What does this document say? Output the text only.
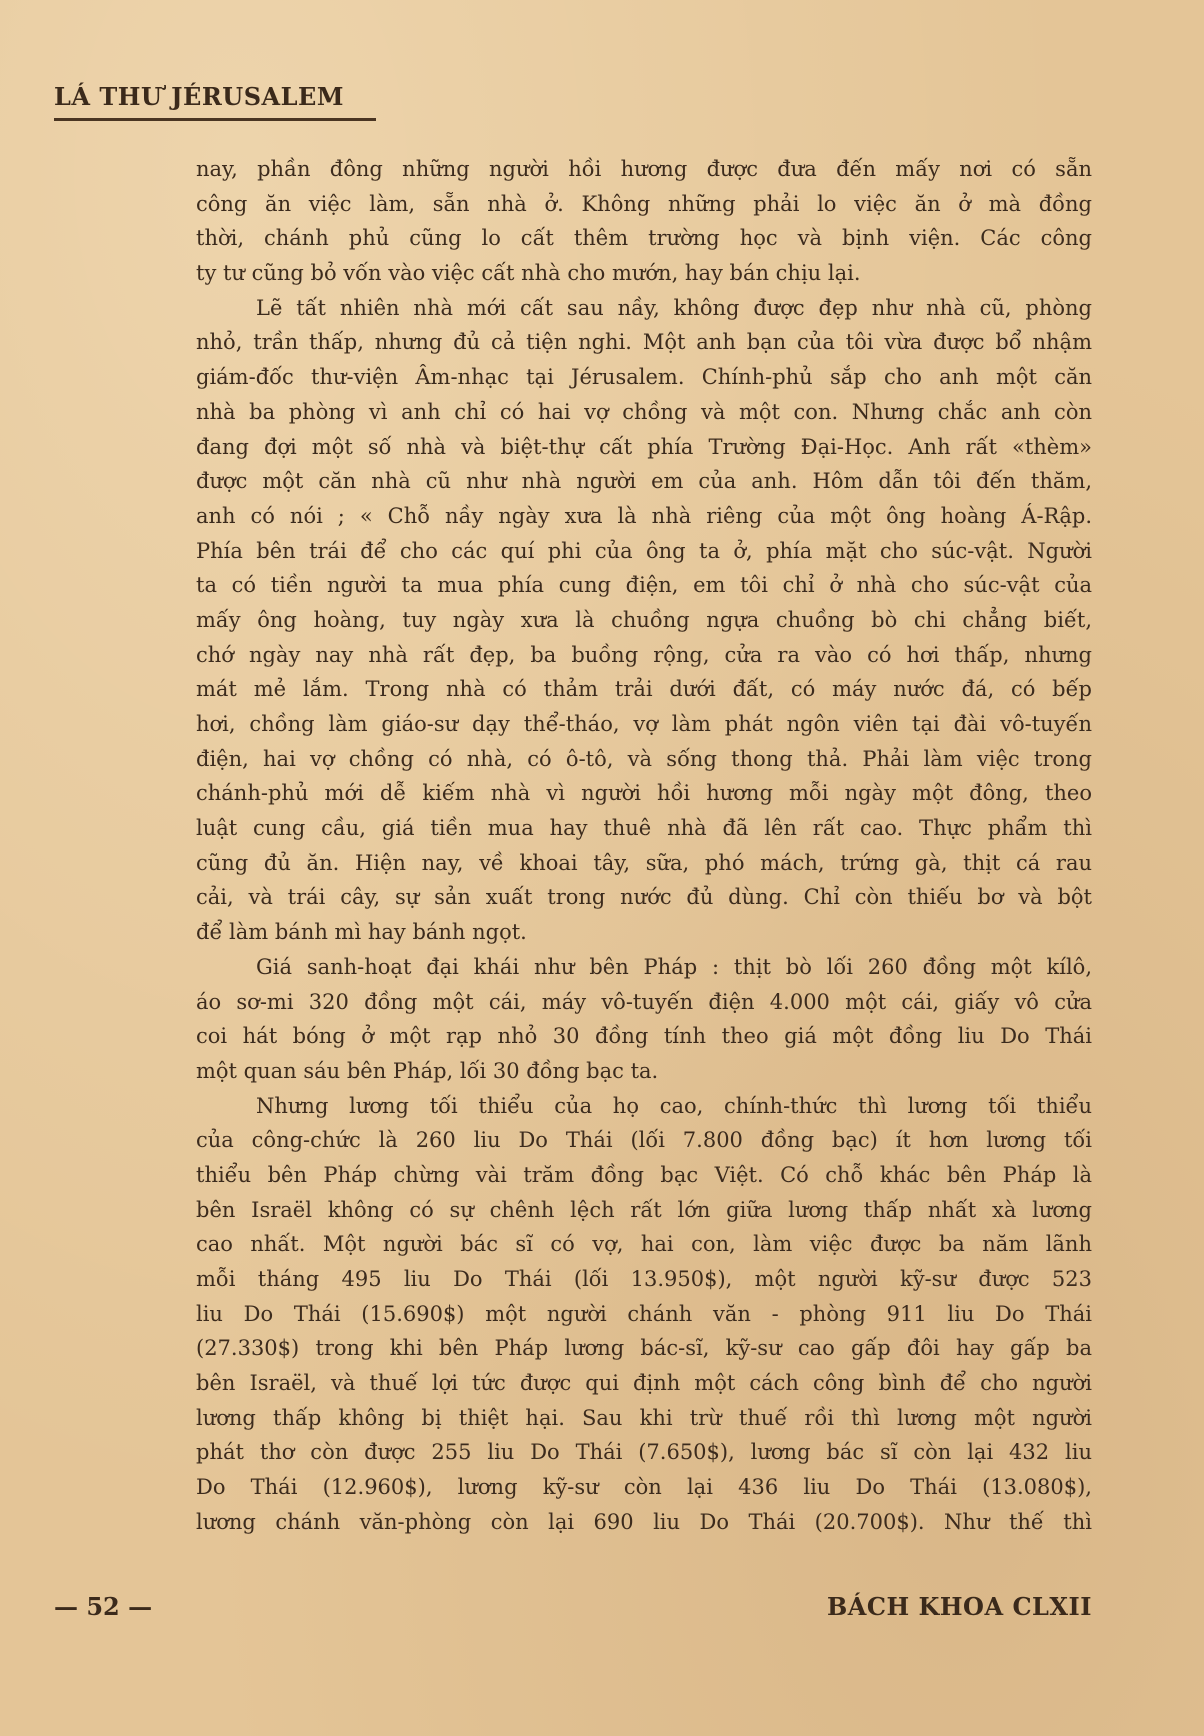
LÁ THƯ JÉRUSALEM
nay, phần đông những người hồi hương được đưa đến mấy nơi có sẵn
công ăn việc làm, sẵn nhà ở. Không những phải lo việc ăn ở mà đồng
thời, chánh phủ cũng lo cất thêm trường học và bịnh viện. Các công
ty tư cũng bỏ vốn vào việc cất nhà cho mướn, hay bán chịu lại.
Lẽ tất nhiên nhà mới cất sau nầy, không được đẹp như nhà cũ, phòng
nhỏ, trần thấp, nhưng đủ cả tiện nghi. Một anh bạn của tôi vừa được bổ nhậm
giám-đốc thư-viện Âm-nhạc tại Jérusalem. Chính-phủ sắp cho anh một căn
nhà ba phòng vì anh chỉ có hai vợ chồng và một con. Nhưng chắc anh còn
đang đợi một số nhà và biệt-thự cất phía Trường Đại-Học. Anh rất «thèm»
được một căn nhà cũ như nhà người em của anh. Hôm dẫn tôi đến thăm,
anh có nói ; « Chỗ nầy ngày xưa là nhà riêng của một ông hoàng Á-Rập.
Phía bên trái để cho các quí phi của ông ta ở, phía mặt cho súc-vật. Người
ta có tiền người ta mua phía cung điện, em tôi chỉ ở nhà cho súc-vật của
mấy ông hoàng, tuy ngày xưa là chuồng ngựa chuồng bò chi chẳng biết,
chớ ngày nay nhà rất đẹp, ba buồng rộng, cửa ra vào có hơi thấp, nhưng
mát mẻ lắm. Trong nhà có thảm trải dưới đất, có máy nước đá, có bếp
hơi, chồng làm giáo-sư dạy thể-tháo, vợ làm phát ngôn viên tại đài vô-tuyến
điện, hai vợ chồng có nhà, có ô-tô, và sống thong thả. Phải làm việc trong
chánh-phủ mới dễ kiếm nhà vì người hồi hương mỗi ngày một đông, theo
luật cung cầu, giá tiền mua hay thuê nhà đã lên rất cao. Thực phẩm thì
cũng đủ ăn. Hiện nay, về khoai tây, sữa, phó mách, trứng gà, thịt cá rau
cải, và trái cây, sự sản xuất trong nước đủ dùng. Chỉ còn thiếu bơ và bột
để làm bánh mì hay bánh ngọt.
Giá sanh-hoạt đại khái như bên Pháp : thịt bò lối 260 đồng một kílô,
áo sơ-mi 320 đồng một cái, máy vô-tuyến điện 4.000 một cái, giấy vô cửa
coi hát bóng ở một rạp nhỏ 30 đồng tính theo giá một đồng liu Do Thái
một quan sáu bên Pháp, lối 30 đồng bạc ta.
Nhưng lương tối thiểu của họ cao, chính-thức thì lương tối thiểu
của công-chức là 260 liu Do Thái (lối 7.800 đồng bạc) ít hơn lương tối
thiểu bên Pháp chừng vài trăm đồng bạc Việt. Có chỗ khác bên Pháp là
bên Israël không có sự chênh lệch rất lớn giữa lương thấp nhất xà lương
cao nhất. Một người bác sĩ có vợ, hai con, làm việc được ba năm lãnh
mỗi tháng 495 liu Do Thái (lối 13.950$), một người kỹ-sư được 523
liu Do Thái (15.690$) một người chánh văn - phòng 911 liu Do Thái
(27.330$) trong khi bên Pháp lương bác-sĩ, kỹ-sư cao gấp đôi hay gấp ba
bên Israël, và thuế lợi tức được qui định một cách công bình để cho người
lương thấp không bị thiệt hại. Sau khi trừ thuế rồi thì lương một người
phát thơ còn được 255 liu Do Thái (7.650$), lương bác sĩ còn lại 432 liu
Do Thái (12.960$), lương kỹ-sư còn lại 436 liu Do Thái (13.080$),
lương chánh văn-phòng còn lại 690 liu Do Thái (20.700$). Như thế thì
— 52 —	BÁCH KHOA CLXII
